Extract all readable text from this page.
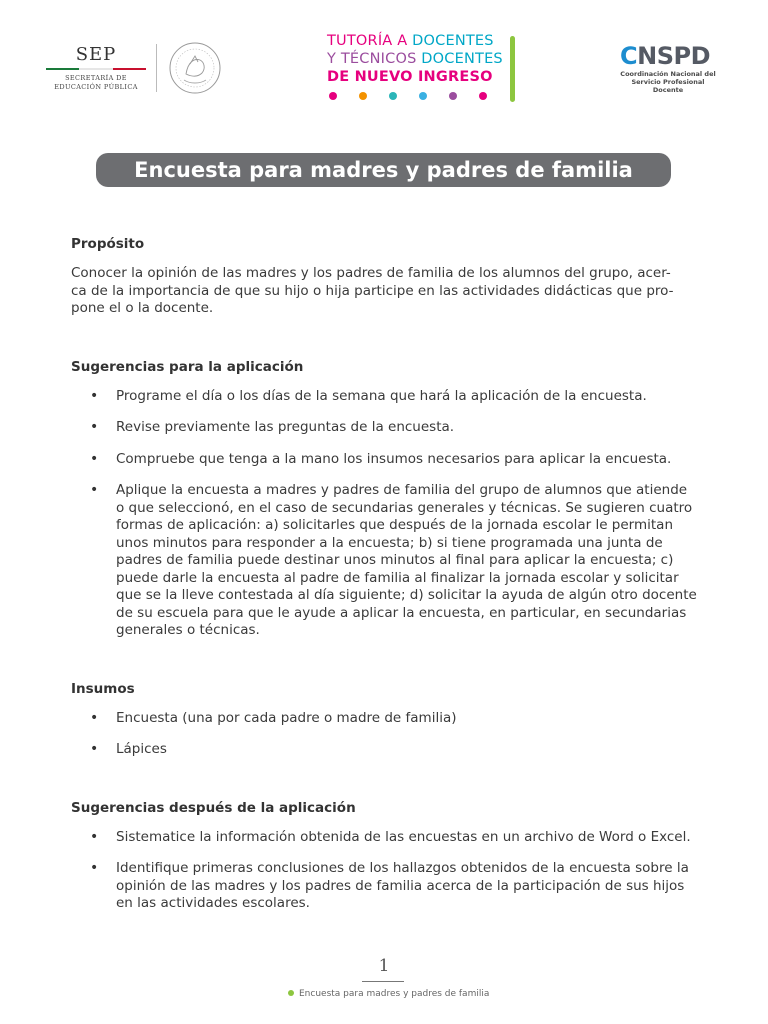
SEP
SECRETARÍA DE
EDUCACIÓN PÚBLICA
TUTORÍA A DOCENTES
Y TÉCNICOS DOCENTES
DE NUEVO INGRESO
CNSPD
Coordinación Nacional del
Servicio Profesional Docente
Encuesta para madres y padres de familia
Propósito
Conocer la opinión de las madres y los padres de familia de los alumnos del grupo, acer-
ca de la importancia de que su hijo o hija participe en las actividades didácticas que pro-
pone el o la docente.
Sugerencias para la aplicación
• Programe el día o los días de la semana que hará la aplicación de la encuesta.
• Revise previamente las preguntas de la encuesta.
• Compruebe que tenga a la mano los insumos necesarios para aplicar la encuesta.
• Aplique la encuesta a madres y padres de familia del grupo de alumnos que atiende
o que seleccionó, en el caso de secundarias generales y técnicas. Se sugieren cuatro
formas de aplicación: a) solicitarles que después de la jornada escolar le permitan
unos minutos para responder a la encuesta; b) si tiene programada una junta de
padres de familia puede destinar unos minutos al final para aplicar la encuesta; c)
puede darle la encuesta al padre de familia al finalizar la jornada escolar y solicitar
que se la lleve contestada al día siguiente; d) solicitar la ayuda de algún otro docente
de su escuela para que le ayude a aplicar la encuesta, en particular, en secundarias
generales o técnicas.
Insumos
• Encuesta (una por cada padre o madre de familia)
• Lápices
Sugerencias después de la aplicación
• Sistematice la información obtenida de las encuestas en un archivo de Word o Excel.
• Identifique primeras conclusiones de los hallazgos obtenidos de la encuesta sobre la
opinión de las madres y los padres de familia acerca de la participación de sus hijos
en las actividades escolares.
1
Encuesta para madres y padres de familia
